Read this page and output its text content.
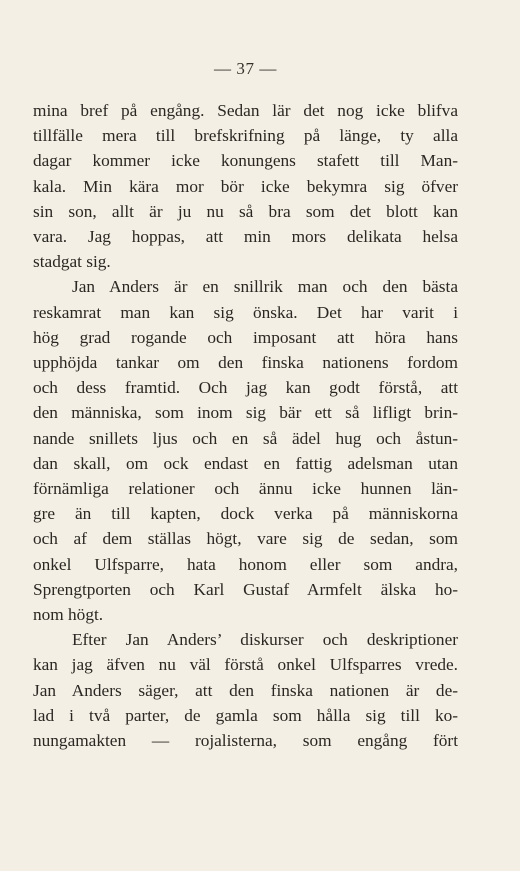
— 37 —
mina bref på engång. Sedan lär det nog icke blifva
tillfälle mera till brefskrifning på länge, ty alla
dagar kommer icke konungens stafett till Man-
kala. Min kära mor bör icke bekymra sig öfver
sin son, allt är ju nu så bra som det blott kan
vara. Jag hoppas, att min mors delikata helsa
stadgat sig.
Jan Anders är en snillrik man och den bästa
reskamrat man kan sig önska. Det har varit i
hög grad rogande och imposant att höra hans
upphöjda tankar om den finska nationens fordom
och dess framtid. Och jag kan godt förstå, att
den människa, som inom sig bär ett så lifligt brin-
nande snillets ljus och en så ädel hug och åstun-
dan skall, om ock endast en fattig adelsman utan
förnämliga relationer och ännu icke hunnen län-
gre än till kapten, dock verka på människorna
och af dem ställas högt, vare sig de sedan, som
onkel Ulfsparre, hata honom eller som andra,
Sprengtporten och Karl Gustaf Armfelt älska ho-
nom högt.
Efter Jan Anders’ diskurser och deskriptioner
kan jag äfven nu väl förstå onkel Ulfsparres vrede.
Jan Anders säger, att den finska nationen är de-
lad i två parter, de gamla som hålla sig till ko-
nungamakten — rojalisterna, som engång fört
